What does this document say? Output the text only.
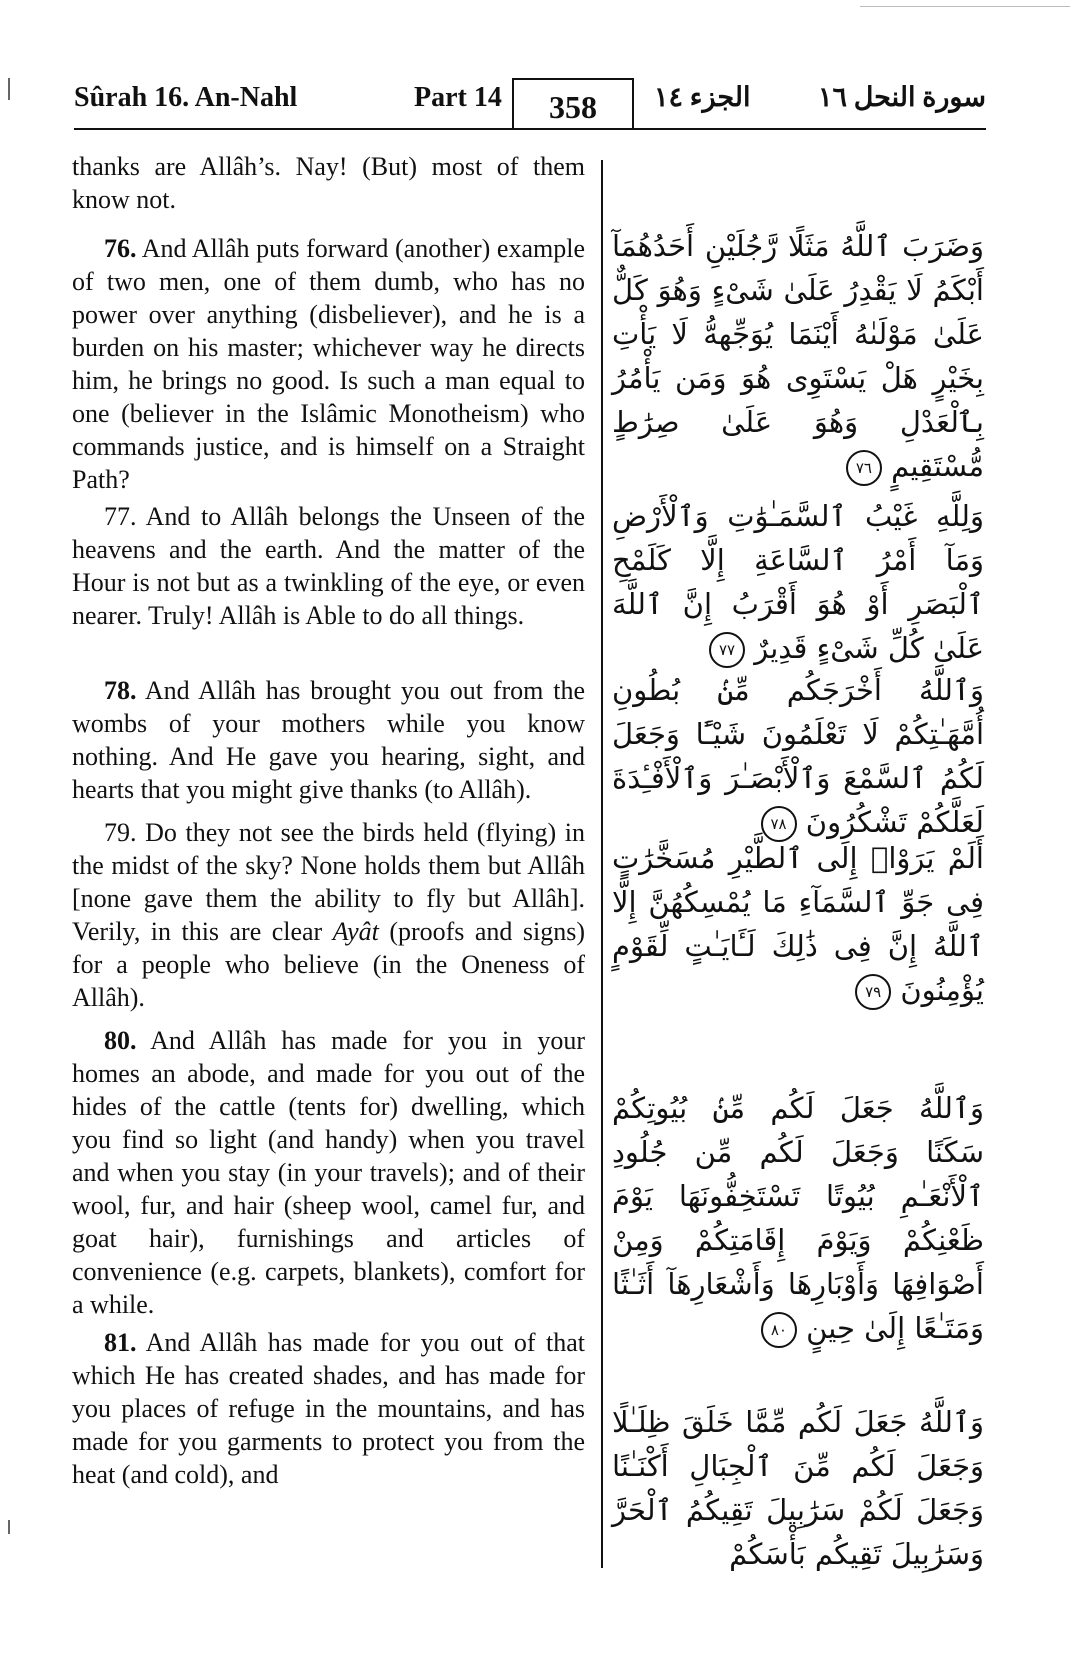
Sûrah 16. An-Nahl	Part 14	358	الجزء ١٤ سورة النحل ١٦

thanks are Allâh’s. Nay! (But) most of them know not.

76. And Allâh puts forward (another) example of two men, one of them dumb, who has no power over anything (disbeliever), and he is a burden on his master; whichever way he directs him, he brings no good. Is such a man equal to one (believer in the Islâmic Monotheism) who commands justice, and is himself on a Straight Path?

77. And to Allâh belongs the Unseen of the heavens and the earth. And the matter of the Hour is not but as a twinkling of the eye, or even nearer. Truly! Allâh is Able to do all things.

78. And Allâh has brought you out from the wombs of your mothers while you know nothing. And He gave you hearing, sight, and hearts that you might give thanks (to Allâh).

79. Do they not see the birds held (flying) in the midst of the sky? None holds them but Allâh [none gave them the ability to fly but Allâh]. Verily, in this are clear Ayât (proofs and signs) for a people who believe (in the Oneness of Allâh).

80. And Allâh has made for you in your homes an abode, and made for you out of the hides of the cattle (tents for) dwelling, which you find so light (and handy) when you travel and when you stay (in your travels); and of their wool, fur, and hair (sheep wool, camel fur, and goat hair), furnishings and articles of convenience (e.g. carpets, blankets), comfort for a while.

81. And Allâh has made for you out of that which He has created shades, and has made for you places of refuge in the mountains, and has made for you garments to protect you from the heat (and cold), and

وَضَرَبَ ٱللَّهُ مَثَلًا رَّجُلَيْنِ أَحَدُهُمَآ أَبْكَمُ لَا يَقْدِرُ عَلَىٰ شَىْءٍ وَهُوَ كَلٌّ عَلَىٰ مَوْلَىٰهُ أَيْنَمَا يُوَجِّههُّ لَا يَأْتِ بِخَيْرٍ هَلْ يَسْتَوِى هُوَ وَمَن يَأْمُرُ بِٱلْعَدْلِ وَهُوَ عَلَىٰ صِرَٰطٍ مُّسْتَقِيمٍ ٧٦

وَلِلَّهِ غَيْبُ ٱلسَّمَـٰوَٰتِ وَٱلْأَرْضِ وَمَآ أَمْرُ ٱلسَّاعَةِ إِلَّا كَلَمْحِ ٱلْبَصَرِ أَوْ هُوَ أَقْرَبُ إِنَّ ٱللَّهَ عَلَىٰ كُلِّ شَىْءٍ قَدِيرٌ ٧٧

وَٱللَّهُ أَخْرَجَكُم مِّنۢ بُطُونِ أُمَّهَـٰتِكُمْ لَا تَعْلَمُونَ شَيْـًٔا وَجَعَلَ لَكُمُ ٱلسَّمْعَ وَٱلْأَبْصَـٰرَ وَٱلْأَفْـِٔدَةَ لَعَلَّكُمْ تَشْكُرُونَ ٧٨

أَلَمْ يَرَوْا۟ إِلَى ٱلطَّيْرِ مُسَخَّرَٰتٍ فِى جَوِّ ٱلسَّمَآءِ مَا يُمْسِكُهُنَّ إِلَّا ٱللَّهُ إِنَّ فِى ذَٰلِكَ لَـَٔايَـٰتٍ لِّقَوْمٍ يُؤْمِنُونَ ٧٩

وَٱللَّهُ جَعَلَ لَكُم مِّنۢ بُيُوتِكُمْ سَكَنًا وَجَعَلَ لَكُم مِّن جُلُودِ ٱلْأَنْعَـٰمِ بُيُوتًا تَسْتَخِفُّونَهَا يَوْمَ ظَعْنِكُمْ وَيَوْمَ إِقَامَتِكُمْ وَمِنْ أَصْوَافِهَا وَأَوْبَارِهَا وَأَشْعَارِهَآ أَثَـٰثًا وَمَتَـٰعًا إِلَىٰ حِينٍ ٨٠

وَٱللَّهُ جَعَلَ لَكُم مِّمَّا خَلَقَ ظِلَـٰلًا وَجَعَلَ لَكُم مِّنَ ٱلْجِبَالِ أَكْنَـٰنًا وَجَعَلَ لَكُمْ سَرَٰبِيلَ تَقِيكُمُ ٱلْحَرَّ وَسَرَٰبِيلَ تَقِيكُم بَأْسَكُمْ
